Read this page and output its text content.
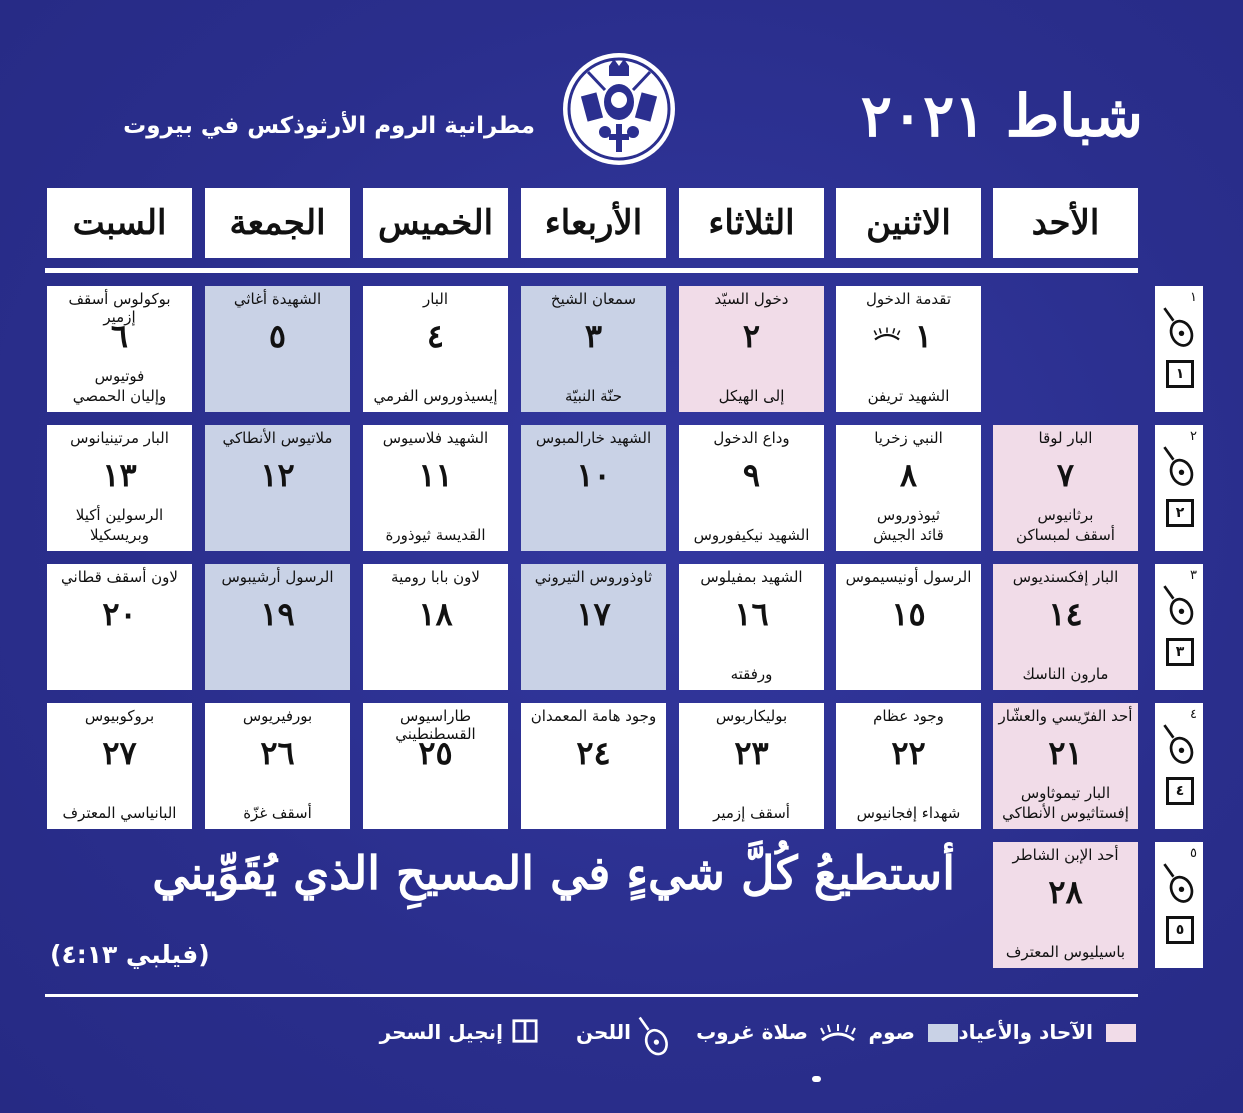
شباط ٢٠٢١
مطرانية الروم الأرثوذكس في بيروت
الأحد
الاثنين
الثلاثاء
الأربعاء
الخميس
الجمعة
السبت
تقدمة الدخول
١
الشهيد تريفن
دخول السيّد
٢
إلى الهيكل
سمعان الشيخ
٣
حنّة النبيّة
البار
٤
إيسيذوروس الفرمي
الشهيدة أغاثي
٥
بوكولوس أسقف إزمير
٦
فوتيوس
وإليان الحمصي
١
١
البار لوقا
٧
برثانيوس
أسقف لمبساكن
النبي زخريا
٨
ثيوذوروس
قائد الجيش
وداع الدخول
٩
الشهيد نيكيفوروس
الشهيد خارالمبوس
١٠
الشهيد فلاسيوس
١١
القديسة ثيوذورة
ملاتيوس الأنطاكي
١٢
البار مرتينيانوس
١٣
الرسولين أكيلا
وبريسكيلا
٢
٢
البار إفكسنديوس
١٤
مارون الناسك
الرسول أونيسيموس
١٥
الشهيد بمفيلوس
١٦
ورفقته
ثاوذوروس التيروني
١٧
لاون بابا رومية
١٨
الرسول أرشيبوس
١٩
لاون أسقف قطاني
٢٠
٣
٣
أحد الفرّيسي والعشّار
٢١
البار تيموثاوس
إفستاثيوس الأنطاكي
وجود عظام
٢٢
شهداء إفجانيوس
بوليكاربوس
٢٣
أسقف إزمير
وجود هامة المعمدان
٢٤
طاراسيوس القسطنطيني
٢٥
بورفيريوس
٢٦
أسقف غزّة
بروكوبيوس
٢٧
البانياسي المعترف
٤
٤
أحد الإبن الشاطر
٢٨
باسيليوس المعترف
٥
٥
أستطيعُ كُلَّ شيءٍ في المسيحِ الذي يُقَوِّيني
(فيلبي ٤:١٣)
الآحاد والأعياد
صوم
صلاة غروب
اللحن
إنجيل السحر
